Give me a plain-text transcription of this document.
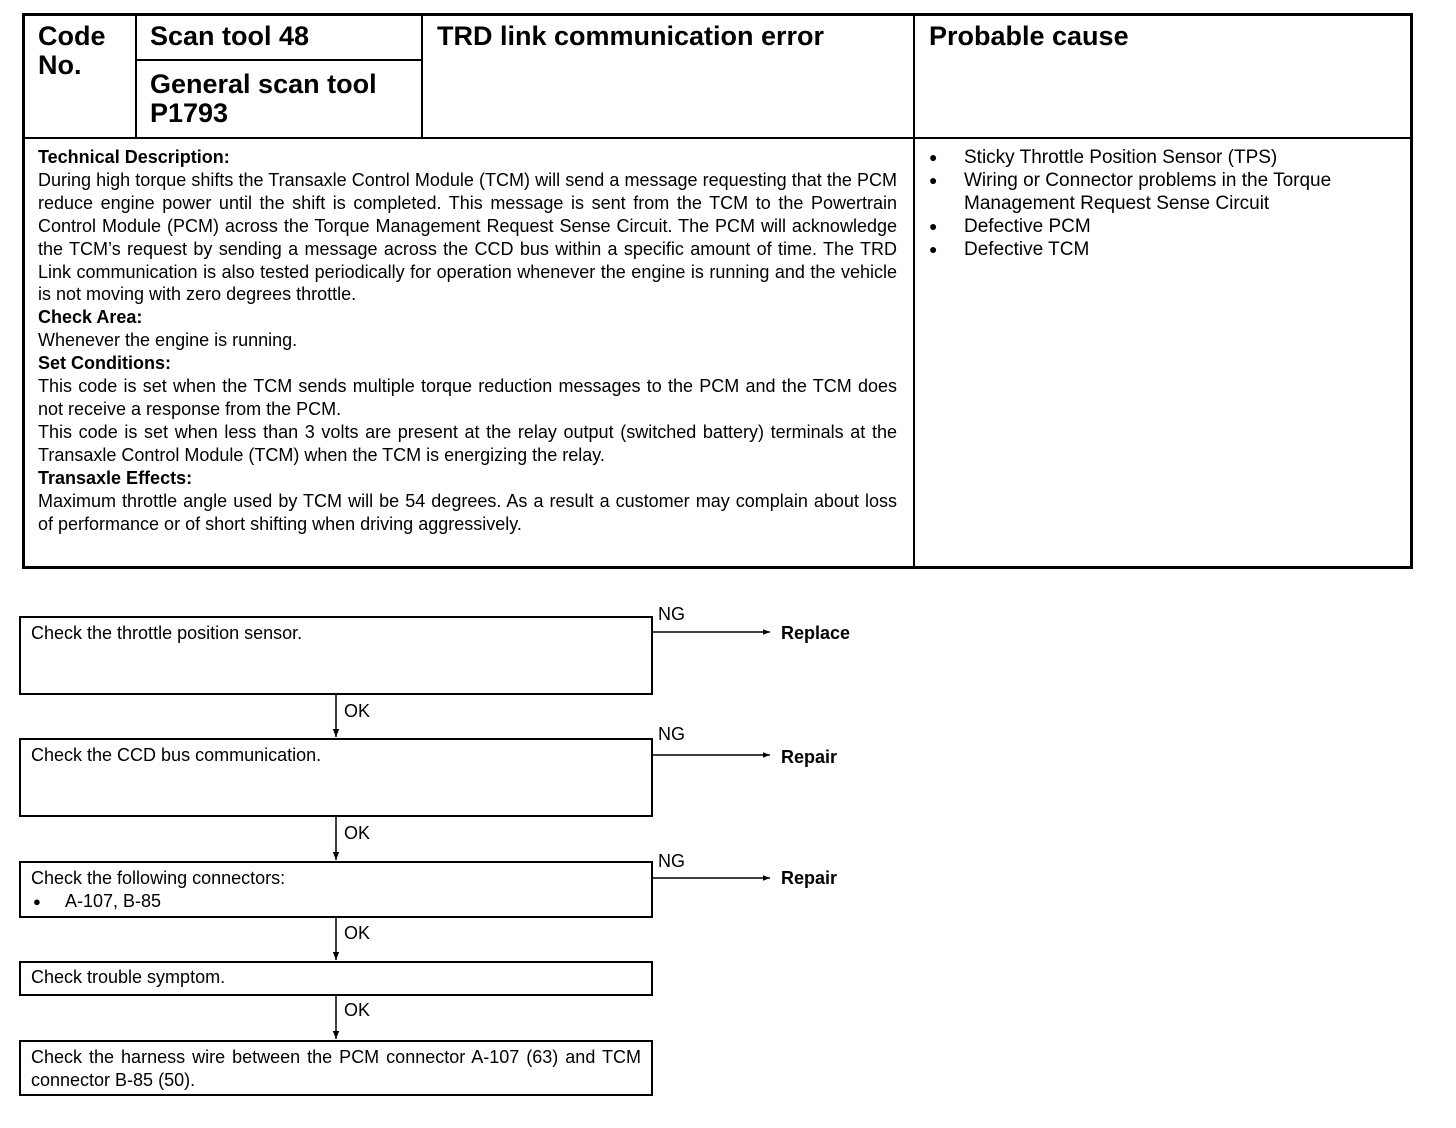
Code No.
Scan tool 48
General scan tool P1793
TRD link communication error	Probable cause
Technical Description:
During high torque shifts the Transaxle Control Module (TCM) will send a message requesting that the PCM reduce engine power until the shift is completed. This message is sent from the TCM to the Powertrain Control Module (PCM) across the Torque Management Request Sense Circuit. The PCM will acknowledge the TCM’s request by sending a message across the CCD bus within a specific amount of time. The TRD Link communication is also tested periodically for operation whenever the engine is running and the vehicle is not moving with zero degrees throttle.
Check Area:
Whenever the engine is running.
Set Conditions:
This code is set when the TCM sends multiple torque reduction messages to the PCM and the TCM does not receive a response from the PCM.
This code is set when less than 3 volts are present at the relay output (switched battery) terminals at the Transaxle Control Module (TCM) when the TCM is energizing the relay.
Transaxle Effects:
Maximum throttle angle used by TCM will be 54 degrees. As a result a customer may complain about loss of performance or of short shifting when driving aggressively.
● Sticky Throttle Position Sensor (TPS)
● Wiring or Connector problems in the Torque Management Request Sense Circuit
● Defective PCM
● Defective TCM
Check the throttle position sensor.
NG
Replace
OK
Check the CCD bus communication.
NG
Repair
OK
Check the following connectors:
● A-107, B-85
NG
Repair
OK
Check trouble symptom.
OK
Check the harness wire between the PCM connector A-107 (63) and TCM connector B-85 (50).
